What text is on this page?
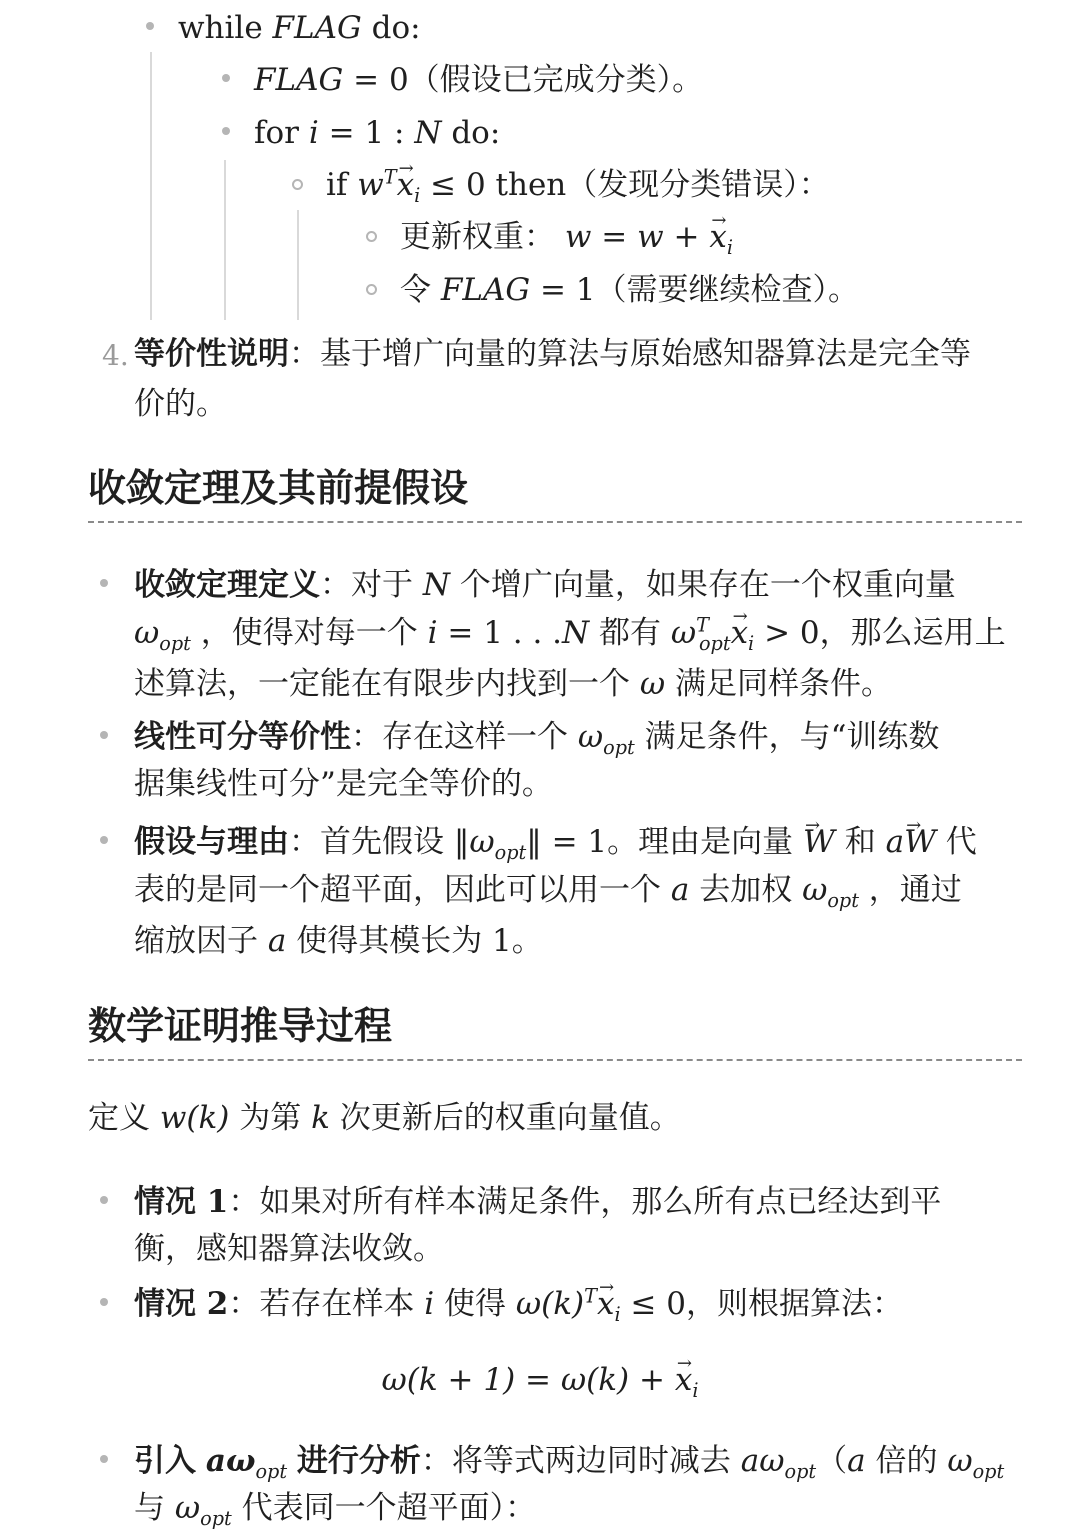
while FLAG do:
FLAG = 0（假设已完成分类）。
for i = 1 : N do:
if $w^T\to x_i \le 0$ then（发现分类错误）：
更新权重： w = w + → $x_i$
令 FLAG = 1（需要继续检查）。
4. 等价性说明：基于增广向量的算法与原始感知器算法是完全等
价的。
收敛定理及其前提假设
收敛定理定义：对于 N 个增广向量，如果存在一个权重向量
$\omega_{opt}$ ，使得对每一个 i = 1 . . .N 都有 $\omega^T_{opt}\to x_i > 0$，那么运用上
述算法，一定能在有限步内找到一个 ω 满足同样条件。
线性可分等价性：存在这样一个 $\omega_{opt}$ 满足条件，与“训练数
据集线性可分”是完全等价的。
假设与理由：首先假设 $‖\omega_{opt}‖ = 1$。理由是向量 → W 和 a→ W 代
表的是同一个超平面，因此可以用一个 a 去加权 $\omega_{opt}$ ，通过
缩放因子 a 使得其模长为 1。
数学证明推导过程
定义 w(k) 为第 k 次更新后的权重向量值。
情况 1：如果对所有样本满足条件，那么所有点已经达到平
衡，感知器算法收敛。
情况 2：若存在样本 i 使得 $\omega(k)^T\to x_i \le 0$，则根据算法：
ω(k + 1) = ω(k) + → $x_i$
引入 $a\omega_{opt}$ 进行分析：将等式两边同时减去 $a\omega_{opt}(a$ 倍的 $\omega_{opt}$
与 $\omega_{opt}$ 代表同一个超平面）：
